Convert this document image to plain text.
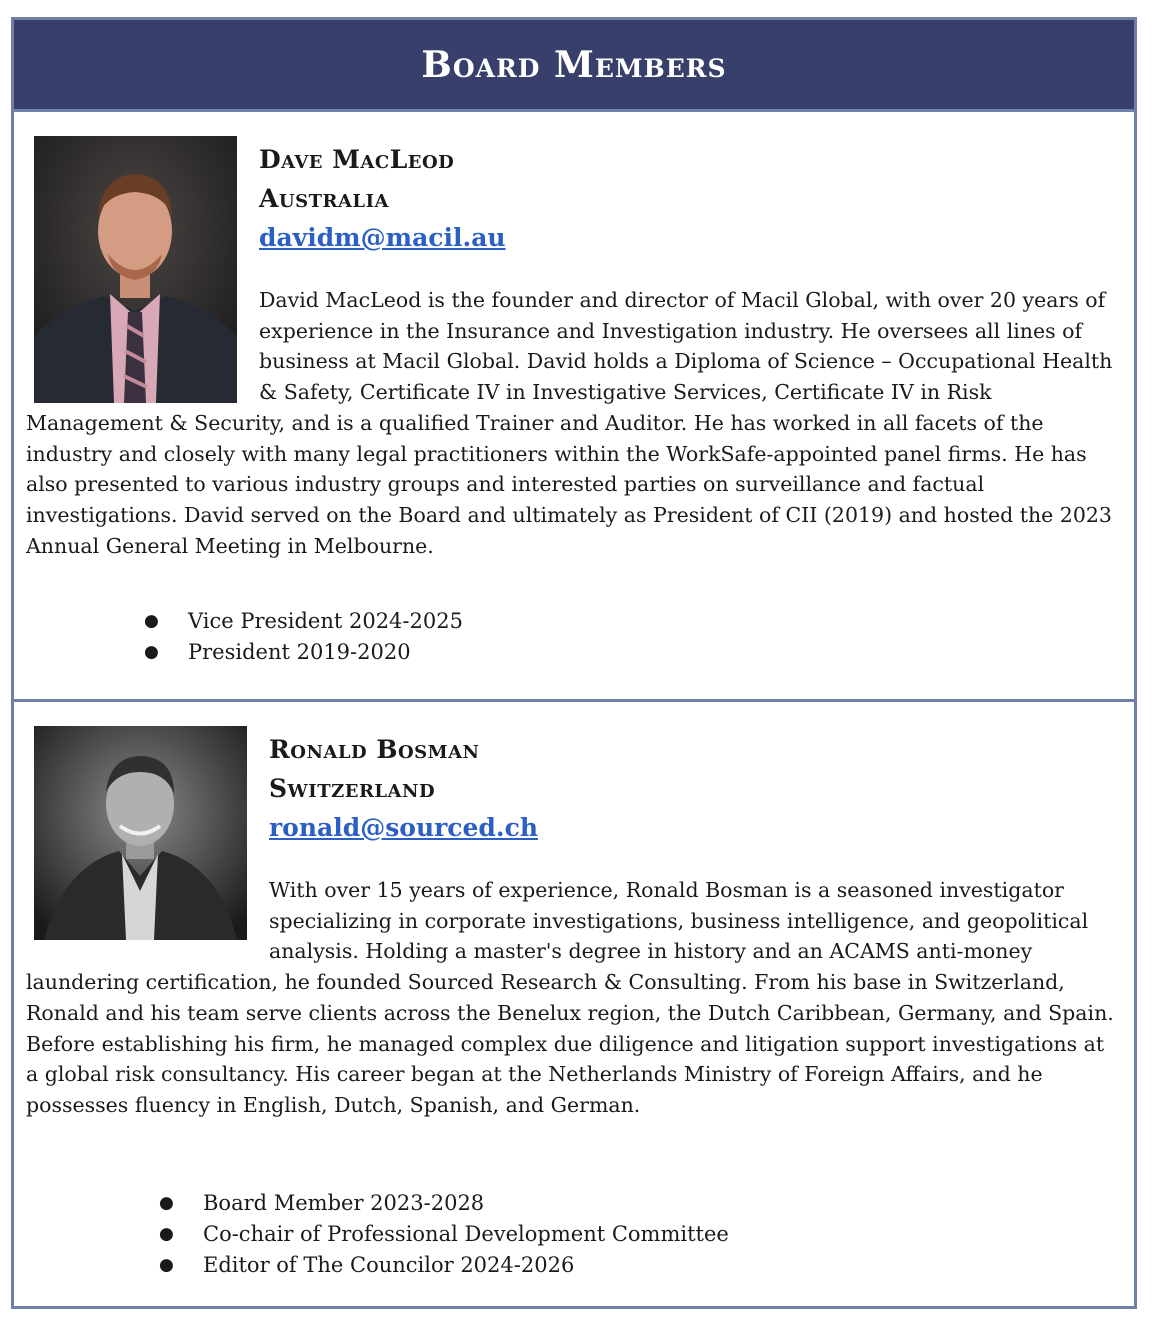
Board Members

Dave MacLeod

Australia

davidm@macil.au

David MacLeod is the founder and director of Macil Global, with over 20 years of experience in the Insurance and Investigation industry. He oversees all lines of business at Macil Global. David holds a Diploma of Science – Occupational Health & Safety, Certificate IV in Investigative Services, Certificate IV in Risk Management & Security, and is a qualified Trainer and Auditor. He has worked in all facets of the industry and closely with many legal practitioners within the WorkSafe-appointed panel firms. He has also presented to various industry groups and interested parties on surveillance and factual investigations. David served on the Board and ultimately as President of CII (2019) and hosted the 2023 Annual General Meeting in Melbourne.

● Vice President 2024-2025
● President 2019-2020

Ronald Bosman

Switzerland

ronald@sourced.ch

With over 15 years of experience, Ronald Bosman is a seasoned investigator specializing in corporate investigations, business intelligence, and geopolitical analysis. Holding a master's degree in history and an ACAMS anti-money laundering certification, he founded Sourced Research & Consulting. From his base in Switzerland, Ronald and his team serve clients across the Benelux region, the Dutch Caribbean, Germany, and Spain. Before establishing his firm, he managed complex due diligence and litigation support investigations at a global risk consultancy. His career began at the Netherlands Ministry of Foreign Affairs, and he possesses fluency in English, Dutch, Spanish, and German.

● Board Member 2023-2028
● Co-chair of Professional Development Committee
● Editor of The Councilor 2024-2026
